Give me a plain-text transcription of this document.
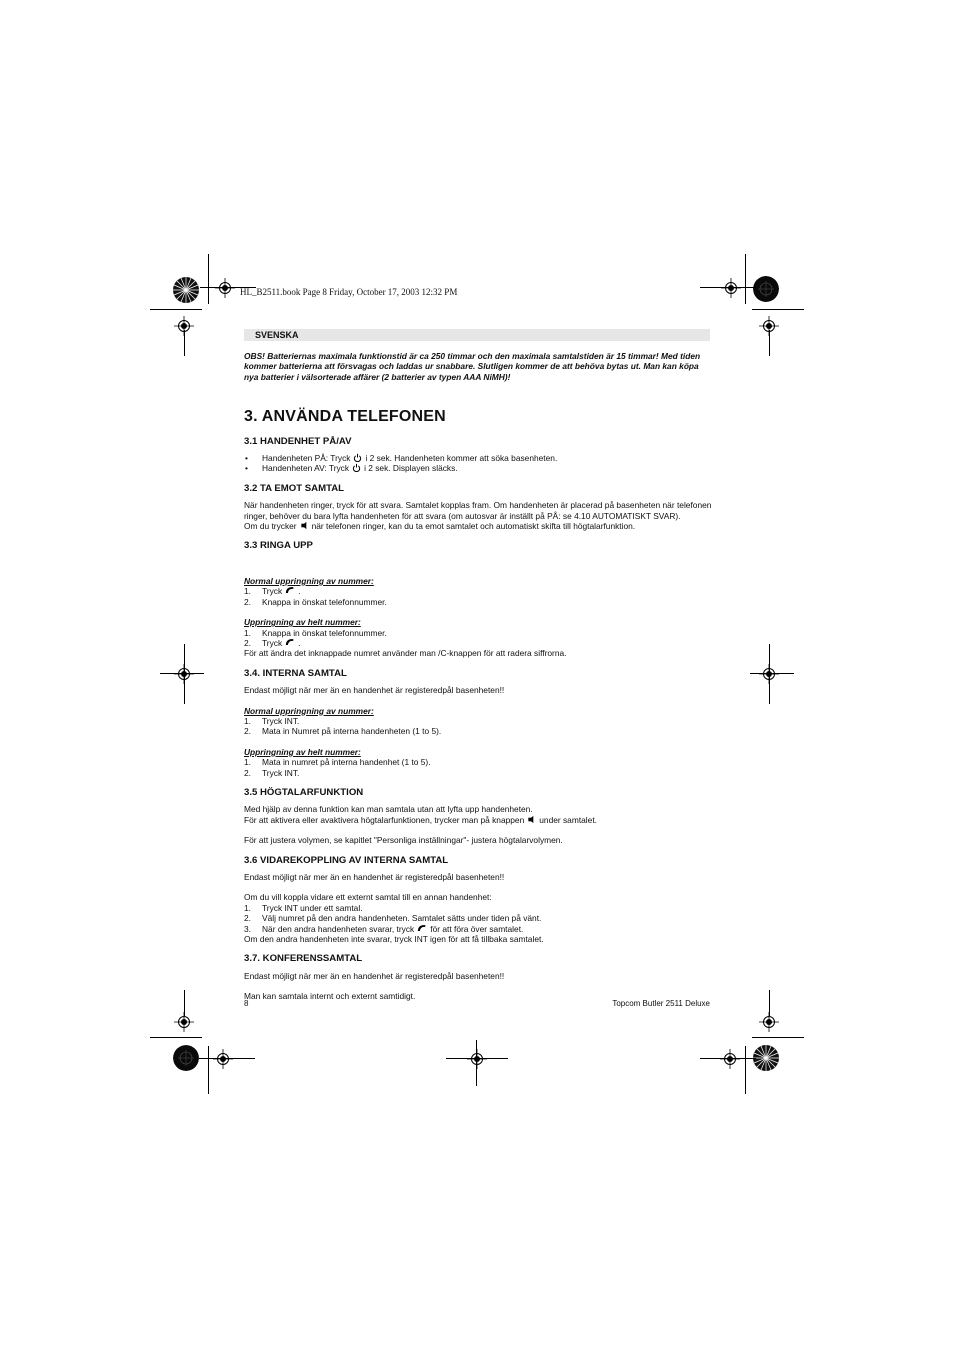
HL_B2511.book Page 8 Friday, October 17, 2003 12:32 PM
SVENSKA

OBS! Batteriernas maximala funktionstid är ca 250 timmar och den maximala samtalstiden är 15 timmar! Med tiden kommer batterierna att försvagas och laddas ur snabbare. Slutligen kommer de att behöva bytas ut. Man kan köpa nya batterier i välsorterade affärer (2 batterier av typen AAA NiMH)!

3. ANVÄNDA TELEFONEN
3.1 HANDENHET PÅ/AV
• Handenheten PÅ: Tryck i 2 sek. Handenheten kommer att söka basenheten.
• Handenheten AV: Tryck i 2 sek. Displayen släcks.
3.2 TA EMOT SAMTAL

När handenheten ringer, tryck för att svara. Samtalet kopplas fram. Om handenheten är placerad på basenheten när telefonen ringer, behöver du bara lyfta handenheten för att svara (om autosvar är inställt på PÅ: se 4.10 AUTOMATISKT SVAR).

Om du trycker när telefonen ringer, kan du ta emot samtalet och automatiskt skifta till högtalarfunktion.

3.3 RINGA UPP

Normal uppringning av nummer:

1. Tryck .
2. Knappa in önskat telefonnummer.

Uppringning av helt nummer:

1. Knappa in önskat telefonnummer.
2. Tryck .

För att ändra det inknappade numret använder man /C-knappen för att radera siffrorna.

3.4. INTERNA SAMTAL

Endast möjligt när mer än en handenhet är registeredpål basenheten!!

Normal uppringning av nummer:

1. Tryck INT.
2. Mata in Numret på interna handenheten (1 to 5).

Uppringning av helt nummer:

1. Mata in numret på interna handenhet (1 to 5).
2. Tryck INT.
3.5 HÖGTALARFUNKTION

Med hjälp av denna funktion kan man samtala utan att lyfta upp handenheten.

För att aktivera eller avaktivera högtalarfunktionen, trycker man på knappen under samtalet.

För att justera volymen, se kapitlet "Personliga inställningar"- justera högtalarvolymen.

3.6 VIDAREKOPPLING AV INTERNA SAMTAL

Endast möjligt när mer än en handenhet är registeredpål basenheten!!

Om du vill koppla vidare ett externt samtal till en annan handenhet:

1. Tryck INT under ett samtal.
2. Välj numret på den andra handenheten. Samtalet sätts under tiden på vänt.
3. När den andra handenheten svarar, tryck för att föra över samtalet.

Om den andra handenheten inte svarar, tryck INT igen för att få tillbaka samtalet.

3.7. KONFERENSSAMTAL

Endast möjligt när mer än en handenhet är registeredpål basenheten!!

Man kan samtala internt och externt samtidigt.

8	Topcom Butler 2511 Deluxe
